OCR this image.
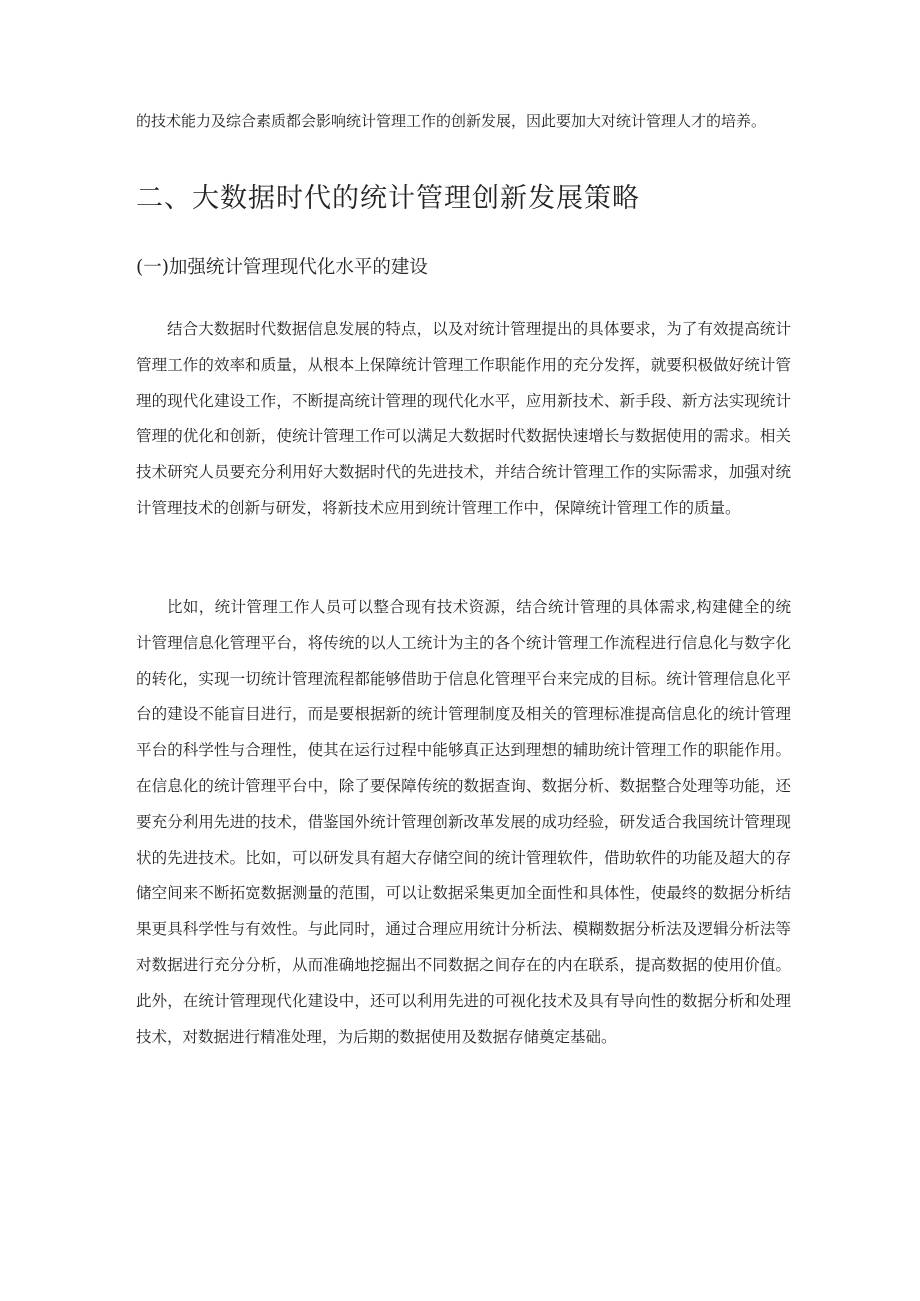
的技术能力及综合素质都会影响统计管理工作的创新发展，因此要加大对统计管理人才的培养。

二、大数据时代的统计管理创新发展策略
(一)加强统计管理现代化水平的建设

结合大数据时代数据信息发展的特点，以及对统计管理提出的具体要求，为了有效提高统计管理工作的效率和质量，从根本上保障统计管理工作职能作用的充分发挥，就要积极做好统计管理的现代化建设工作，不断提高统计管理的现代化水平，应用新技术、新手段、新方法实现统计管理的优化和创新，使统计管理工作可以满足大数据时代数据快速增长与数据使用的需求。相关技术研究人员要充分利用好大数据时代的先进技术，并结合统计管理工作的实际需求，加强对统计管理技术的创新与研发，将新技术应用到统计管理工作中，保障统计管理工作的质量。

比如，统计管理工作人员可以整合现有技术资源，结合统计管理的具体需求,构建健全的统计管理信息化管理平台，将传统的以人工统计为主的各个统计管理工作流程进行信息化与数字化的转化，实现一切统计管理流程都能够借助于信息化管理平台来完成的目标。统计管理信息化平台的建设不能盲目进行，而是要根据新的统计管理制度及相关的管理标准提高信息化的统计管理平台的科学性与合理性，使其在运行过程中能够真正达到理想的辅助统计管理工作的职能作用。在信息化的统计管理平台中，除了要保障传统的数据查询、数据分析、数据整合处理等功能，还要充分利用先进的技术，借鉴国外统计管理创新改革发展的成功经验，研发适合我国统计管理现状的先进技术。比如，可以研发具有超大存储空间的统计管理软件，借助软件的功能及超大的存储空间来不断拓宽数据测量的范围，可以让数据采集更加全面性和具体性，使最终的数据分析结果更具科学性与有效性。与此同时，通过合理应用统计分析法、模糊数据分析法及逻辑分析法等对数据进行充分分析，从而准确地挖掘出不同数据之间存在的内在联系，提高数据的使用价值。此外，在统计管理现代化建设中，还可以利用先进的可视化技术及具有导向性的数据分析和处理技术，对数据进行精准处理，为后期的数据使用及数据存储奠定基础。
